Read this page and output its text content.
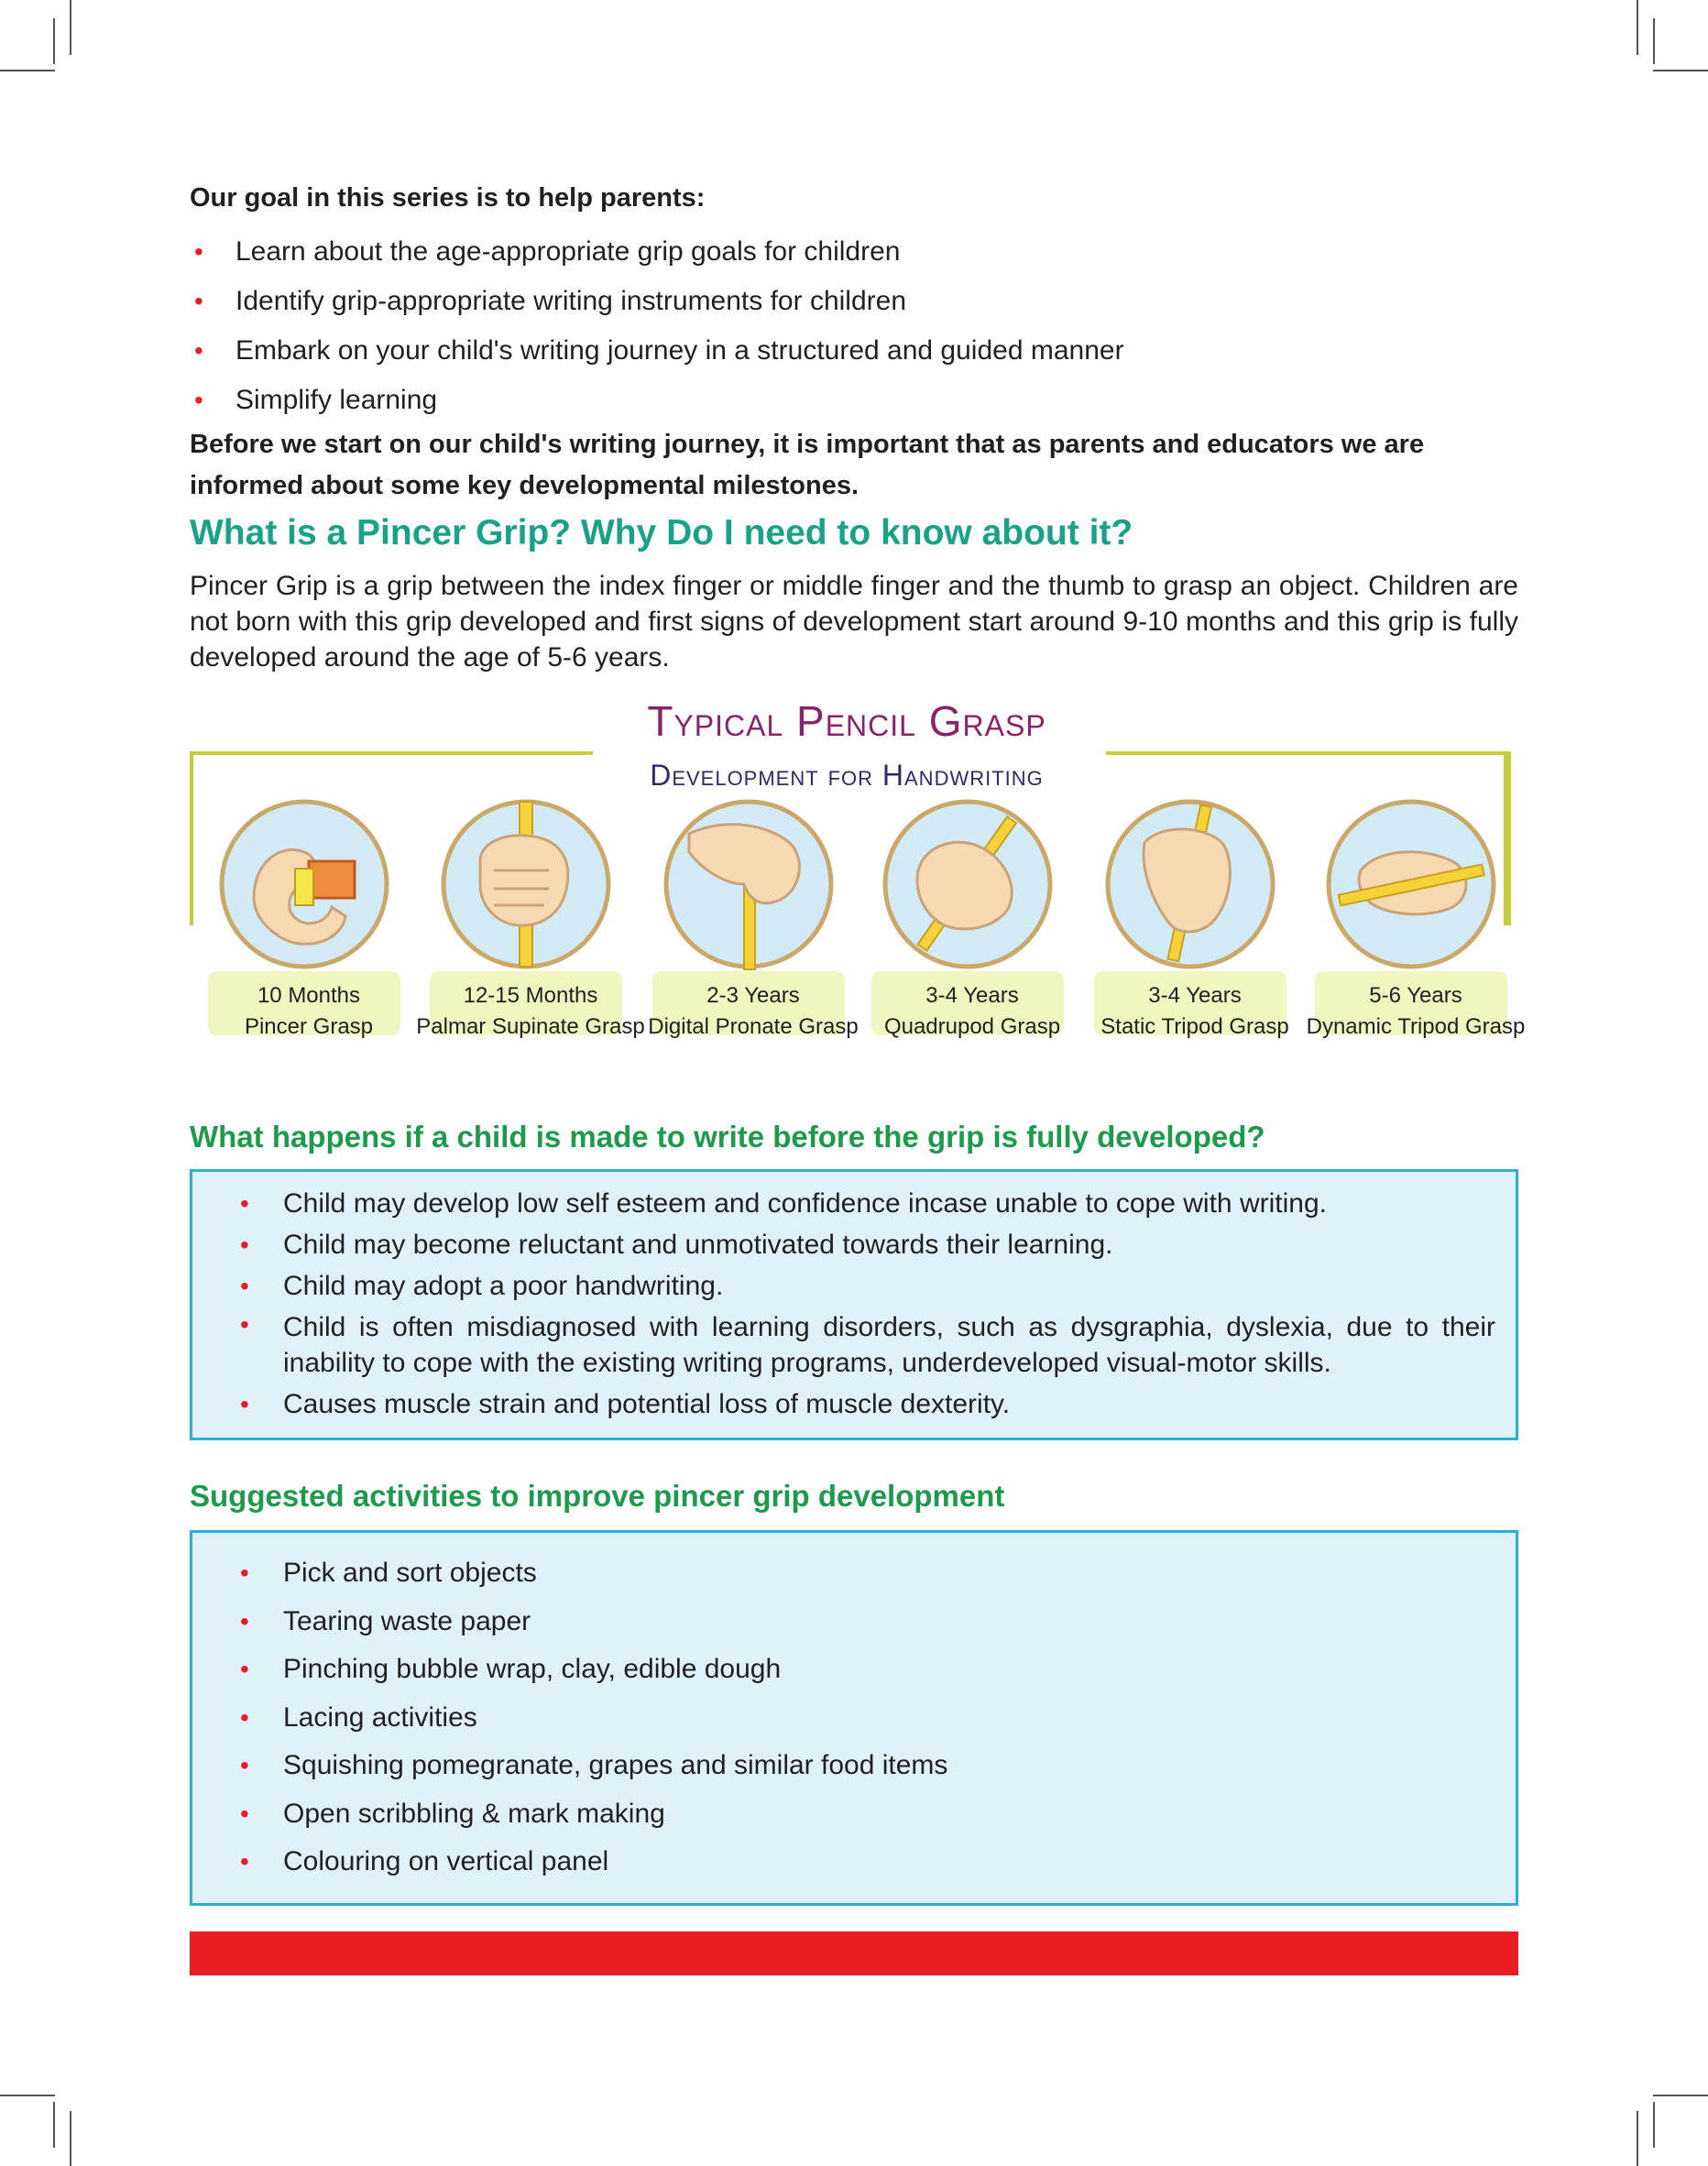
Our goal in this series is to help parents:
• Learn about the age-appropriate grip goals for children
• Identify grip-appropriate writing instruments for children
• Embark on your child's writing journey in a structured and guided manner
• Simplify learning
Before we start on our child's writing journey, it is important that as parents and educators we are informed about some key developmental milestones.
What is a Pincer Grip? Why Do I need to know about it?
Pincer Grip is a grip between the index finger or middle finger and the thumb to grasp an object. Children are not born with this grip developed and first signs of development start around 9-10 months and this grip is fully developed around the age of 5-6 years.
Typical Pencil Grasp
Development for Handwriting
10 Months
Pincer Grasp
12-15 Months
Palmar Supinate Grasp
2-3 Years
Digital Pronate Grasp
3-4 Years
Quadrupod Grasp
3-4 Years
Static Tripod Grasp
5-6 Years
Dynamic Tripod Grasp
What happens if a child is made to write before the grip is fully developed?
• Child may develop low self esteem and confidence incase unable to cope with writing.
• Child may become reluctant and unmotivated towards their learning.
• Child may adopt a poor handwriting.
• Child is often misdiagnosed with learning disorders, such as dysgraphia, dyslexia, due to their inability to cope with the existing writing programs, underdeveloped visual-motor skills.
• Causes muscle strain and potential loss of muscle dexterity.
Suggested activities to improve pincer grip development
• Pick and sort objects
• Tearing waste paper
• Pinching bubble wrap, clay, edible dough
• Lacing activities
• Squishing pomegranate, grapes and similar food items
• Open scribbling & mark making
• Colouring on vertical panel
